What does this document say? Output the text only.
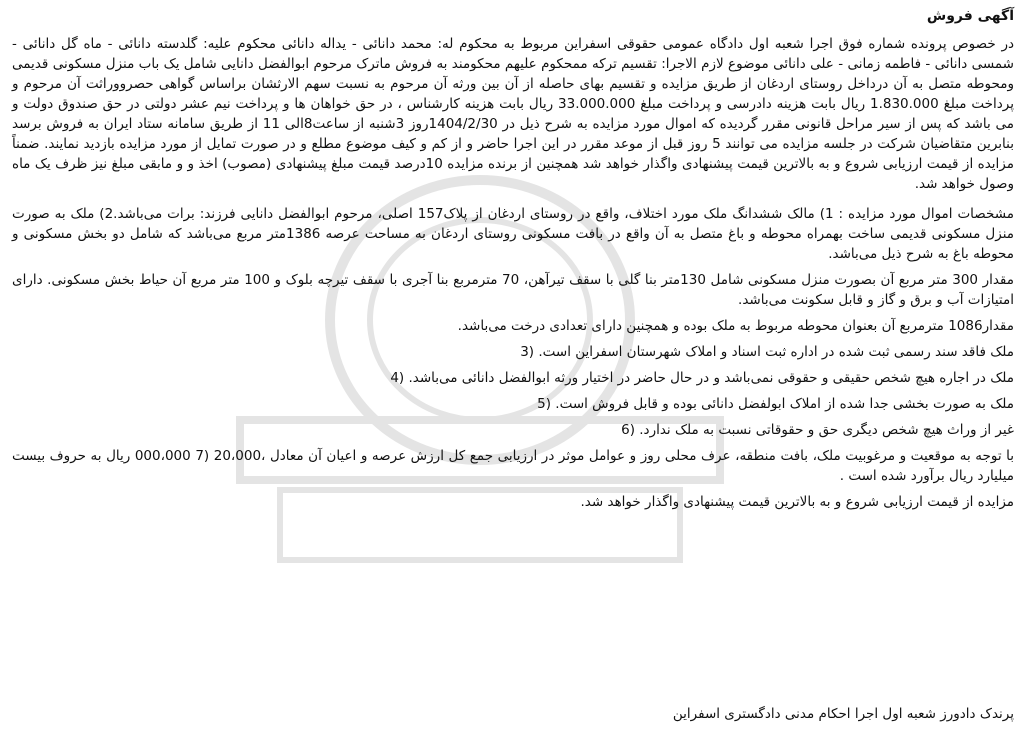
آگهی فروش
در خصوص پرونده شماره فوق اجرا شعبه اول دادگاه عمومی حقوقی اسفراین مربوط به محکوم له: محمد دانائی - یداله دانائی محکوم علیه: گلدسته دانائی - ماه گل دانائی - شمسی دانائی - فاطمه زمانی - علی دانائی موضوع لازم الاجرا: تقسیم ترکه ممحکوم علیهم محکومند به فروش ماترک مرحوم ابوالفضل دانایی شامل یک باب منزل مسکونی قدیمی ومحوطه متصل به آن درداخل روستای اردغان از طریق مزایده و تقسیم بهای حاصله از آن بین ورثه آن مرحوم به نسبت سهم الارثشان براساس گواهی حصرووراثت آن مرحوم و پرداخت مبلغ 1.830.000 ریال بابت هزینه دادرسی و پرداخت مبلغ 33.000.000 ریال بابت هزینه کارشناس ، در حق خواهان ها و پرداخت نیم عشر دولتی در حق صندوق دولت و می باشد که پس از سیر مراحل قانونی مقرر گردیده که اموال مورد مزایده به شرح ذیل در 1404/2/30روز 3شنبه از ساعت8الی 11 از طریق سامانه ستاد ایران به فروش برسد بنابرین متقاضیان شرکت در جلسه مزایده می توانند 5 روز قبل از موعد مقرر در این اجرا حاضر و از کم و کیف موضوع مطلع و در صورت تمایل از مورد مزایده بازدید نمایند. ضمناً مزایده از قیمت ارزیابی شروع و به بالاترین قیمت پیشنهادی واگذار خواهد شد همچنین از برنده مزایده 10درصد قیمت مبلغ پیشنهادی (مصوب) اخذ و و مابقی مبلغ نیز ظرف یک ماه وصول خواهد شد.
مشخصات اموال مورد مزایده : 1) مالک ششدانگ ملک مورد اختلاف، واقع در روستای اردغان از پلاک157 اصلی، مرحوم ابوالفضل دانایی فرزند: برات می‌باشد.2) ملک به صورت منزل مسکونی قدیمی ساخت بهمراه محوطه و باغ متصل به آن واقع در بافت مسکونی روستای اردغان به مساحت عرصه 1386متر مربع می‌باشد که شامل دو بخش مسکونی و محوطه باغ به شرح ذیل می‌باشد.
مقدار 300 متر مربع آن بصورت منزل مسکونی شامل 130متر بنا گلی با سقف تیرآهن، 70 مترمربع بنا آجری با سقف تیرچه بلوک و 100 متر مربع آن حیاط بخش مسکونی. دارای امتیازات آب و برق و گاز و قابل سکونت می‌باشد.
مقدار1086 مترمربع آن بعنوان محوطه مربوط به ملک بوده و همچنین دارای تعدادی درخت می‌باشد.
ملک فاقد سند رسمی ثبت شده در اداره ثبت اسناد و املاک شهرستان اسفراین است. (3
ملک در اجاره هیچ شخص حقیقی و حقوقی نمی‌باشد و در حال حاضر در اختیار ورثه ابوالفضل دانائی می‌باشد. (4
ملک به صورت بخشی جدا شده از املاک ابولفضل دانائی بوده و قابل فروش است. (5
غیر از وراث هیچ شخص دیگری حق و حقوقاتی نسبت به ملک ندارد. (6
با توجه به موقعیت و مرغوبیت ملک، بافت منطقه، عرف محلی روز و عوامل موثر در ارزیابی جمع کل ارزش عرصه و اعیان آن معادل ،20،000 (7 000،000 ریال به حروف بیست میلیارد ریال برآورد شده است .
مزایده از قیمت ارزیابی شروع و به بالاترین قیمت پیشنهادی واگذار خواهد شد.
پرندک دادورز شعبه اول اجرا احکام مدنی دادگستری اسفراین
